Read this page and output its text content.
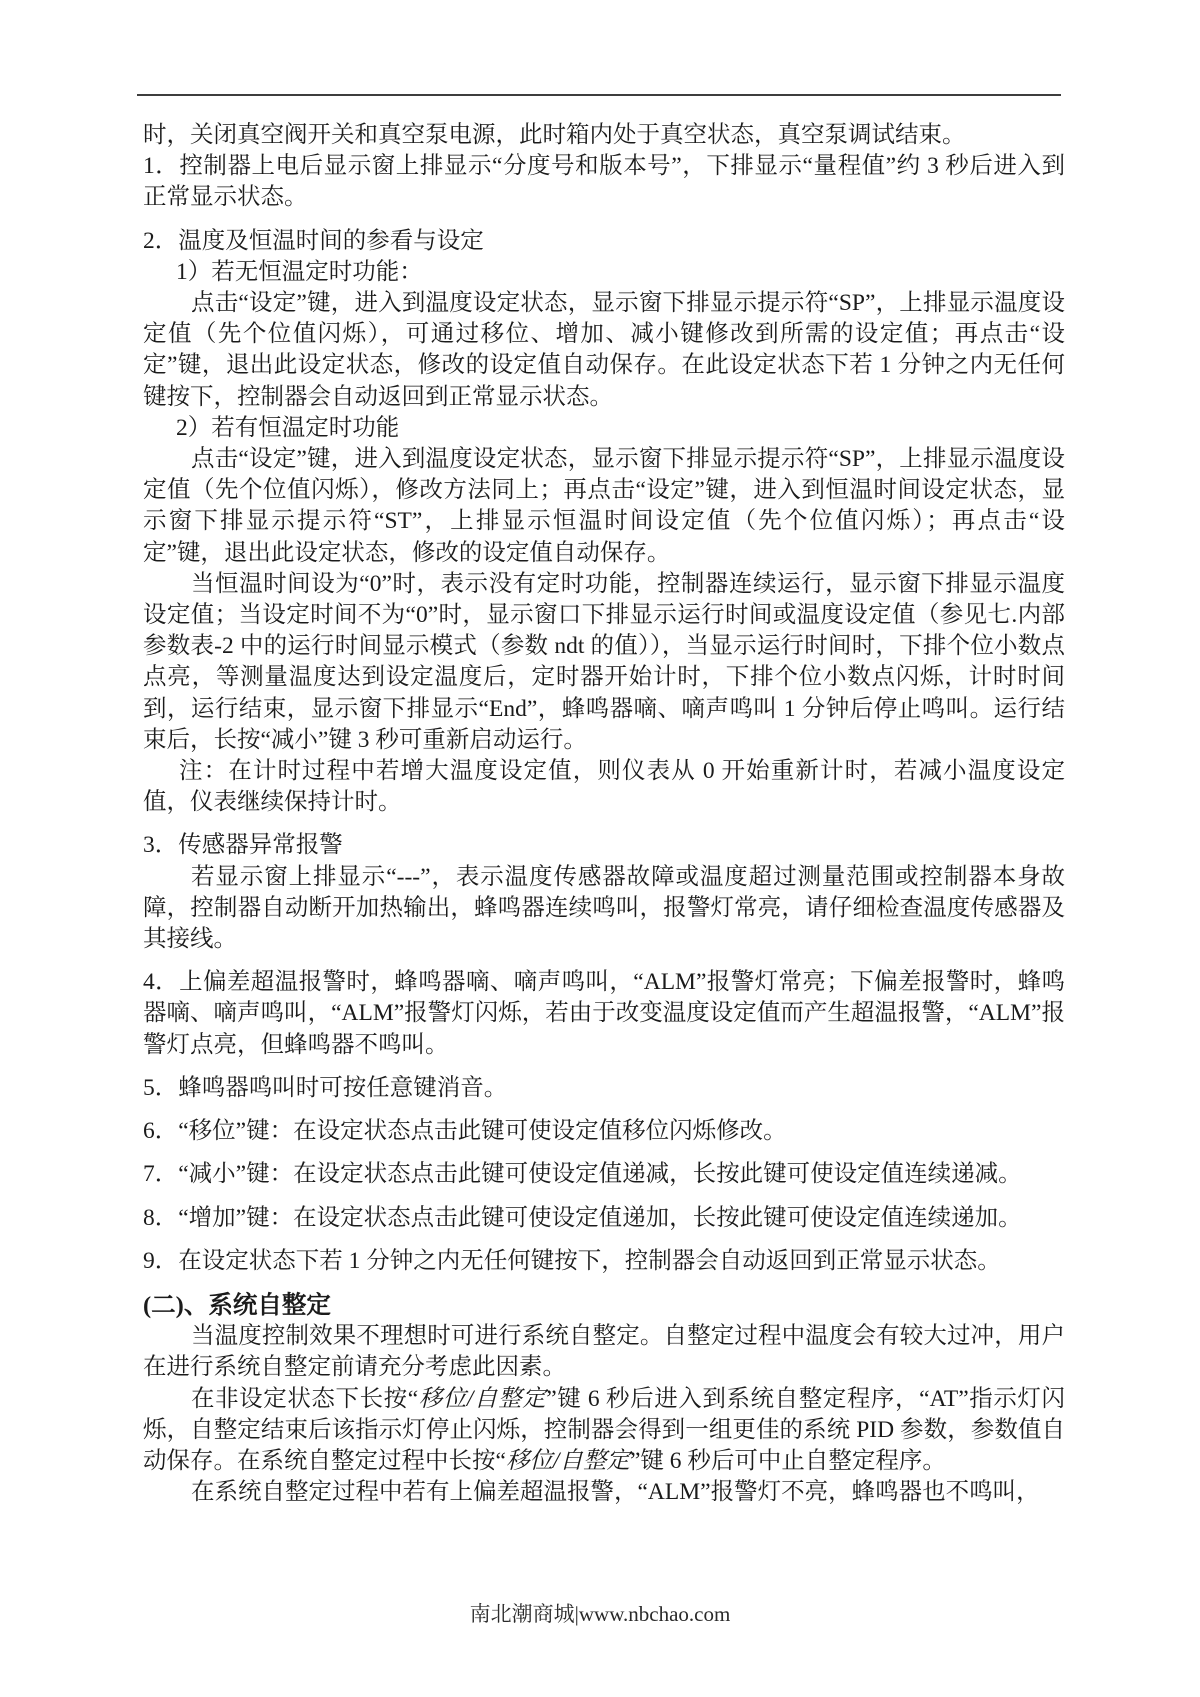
时，关闭真空阀开关和真空泵电源，此时箱内处于真空状态，真空泵调试结束。

1．控制器上电后显示窗上排显示“分度号和版本号”，下排显示“量程值”约 3 秒后进入到正常显示状态。

2．温度及恒温时间的参看与设定

1）若无恒温定时功能：

点击“设定”键，进入到温度设定状态，显示窗下排显示提示符“SP”，上排显示温度设定值（先个位值闪烁），可通过移位、增加、减小键修改到所需的设定值；再点击“设定”键，退出此设定状态，修改的设定值自动保存。在此设定状态下若 1 分钟之内无任何键按下，控制器会自动返回到正常显示状态。

2）若有恒温定时功能

点击“设定”键，进入到温度设定状态，显示窗下排显示提示符“SP”，上排显示温度设定值（先个位值闪烁），修改方法同上；再点击“设定”键，进入到恒温时间设定状态，显示窗下排显示提示符“ST”，上排显示恒温时间设定值（先个位值闪烁）；再点击“设定”键，退出此设定状态，修改的设定值自动保存。

当恒温时间设为“0”时，表示没有定时功能，控制器连续运行，显示窗下排显示温度设定值；当设定时间不为“0”时，显示窗口下排显示运行时间或温度设定值（参见七.内部参数表-2 中的运行时间显示模式（参数 ndt 的值）），当显示运行时间时，下排个位小数点点亮，等测量温度达到设定温度后，定时器开始计时，下排个位小数点闪烁，计时时间到，运行结束，显示窗下排显示“End”，蜂鸣器嘀、嘀声鸣叫 1 分钟后停止鸣叫。运行结束后，长按“减小”键 3 秒可重新启动运行。

注：在计时过程中若增大温度设定值，则仪表从 0 开始重新计时，若减小温度设定值，仪表继续保持计时。

3．传感器异常报警

若显示窗上排显示“---”，表示温度传感器故障或温度超过测量范围或控制器本身故障，控制器自动断开加热输出，蜂鸣器连续鸣叫，报警灯常亮，请仔细检查温度传感器及其接线。

4．上偏差超温报警时，蜂鸣器嘀、嘀声鸣叫，“ALM”报警灯常亮；下偏差报警时，蜂鸣器嘀、嘀声鸣叫，“ALM”报警灯闪烁，若由于改变温度设定值而产生超温报警，“ALM”报警灯点亮，但蜂鸣器不鸣叫。

5．蜂鸣器鸣叫时可按任意键消音。

6．“移位”键：在设定状态点击此键可使设定值移位闪烁修改。

7．“减小”键：在设定状态点击此键可使设定值递减，长按此键可使设定值连续递减。

8．“增加”键：在设定状态点击此键可使设定值递加，长按此键可使设定值连续递加。

9．在设定状态下若 1 分钟之内无任何键按下，控制器会自动返回到正常显示状态。

(二)、系统自整定

当温度控制效果不理想时可进行系统自整定。自整定过程中温度会有较大过冲，用户在进行系统自整定前请充分考虑此因素。

在非设定状态下长按“移位/自整定”键 6 秒后进入到系统自整定程序，“AT”指示灯闪烁，自整定结束后该指示灯停止闪烁，控制器会得到一组更佳的系统 PID 参数，参数值自动保存。在系统自整定过程中长按“移位/自整定”键 6 秒后可中止自整定程序。

在系统自整定过程中若有上偏差超温报警，“ALM”报警灯不亮，蜂鸣器也不鸣叫，

南北潮商城|www.nbchao.com
